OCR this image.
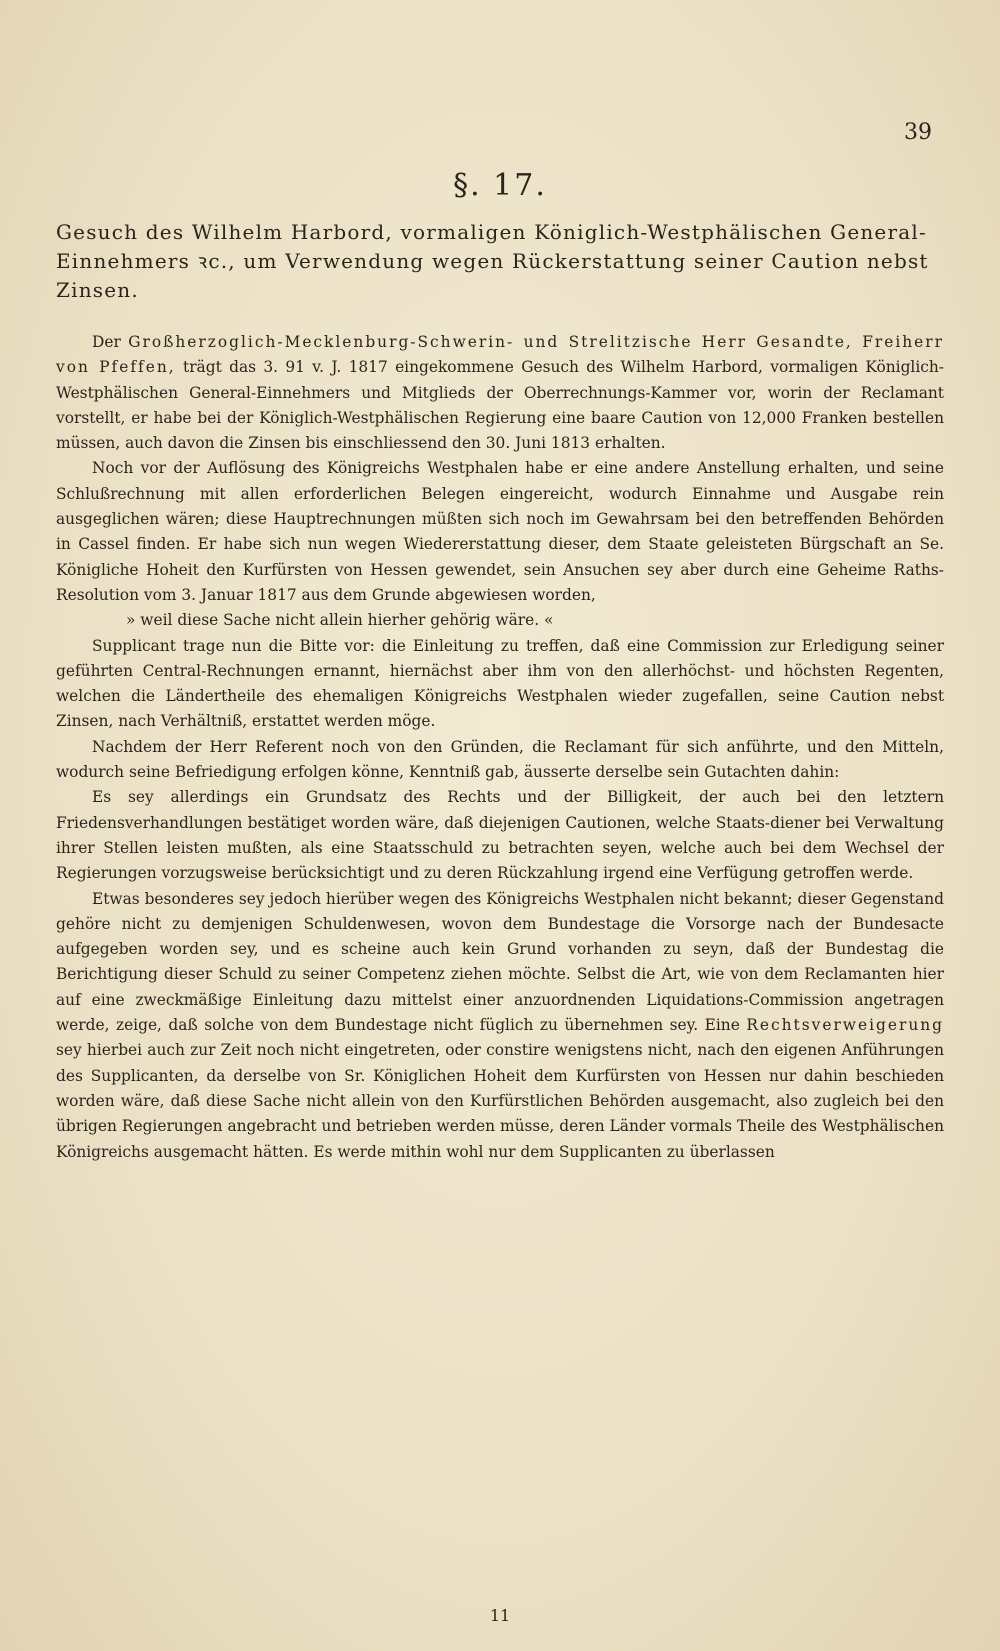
39
§. 17.
Gesuch des Wilhelm Harbord, vormaligen Königlich-Westphälischen General-Einnehmers ꝛc., um Verwendung wegen Rückerstattung seiner Caution nebst Zinsen.

Der Großherzoglich-Mecklenburg-Schwerin- und Strelitzische Herr Gesandte, Freiherr von Pfeffen, trägt das 3. 91 v. J. 1817 eingekommene Gesuch des Wilhelm Harbord, vormaligen Königlich-Westphälischen General-Einnehmers und Mitglieds der Oberrechnungs-Kammer vor, worin der Reclamant vorstellt, er habe bei der Königlich-Westphälischen Regierung eine baare Caution von 12,000 Franken bestellen müssen, auch davon die Zinsen bis einschliessend den 30. Juni 1813 erhalten.

Noch vor der Auflösung des Königreichs Westphalen habe er eine andere Anstellung erhalten, und seine Schlußrechnung mit allen erforderlichen Belegen eingereicht, wodurch Einnahme und Ausgabe rein ausgeglichen wären; diese Hauptrechnungen müßten sich noch im Gewahrsam bei den betreffenden Behörden in Cassel finden. Er habe sich nun wegen Wiedererstattung dieser, dem Staate geleisteten Bürgschaft an Se. Königliche Hoheit den Kurfürsten von Hessen gewendet, sein Ansuchen sey aber durch eine Geheime Raths-Resolution vom 3. Januar 1817 aus dem Grunde abgewiesen worden,

» weil diese Sache nicht allein hierher gehörig wäre. «

Supplicant trage nun die Bitte vor: die Einleitung zu treffen, daß eine Commission zur Erledigung seiner geführten Central-Rechnungen ernannt, hiernächst aber ihm von den allerhöchst- und höchsten Regenten, welchen die Ländertheile des ehemaligen Königreichs Westphalen wieder zugefallen, seine Caution nebst Zinsen, nach Verhältniß, erstattet werden möge.

Nachdem der Herr Referent noch von den Gründen, die Reclamant für sich anführte, und den Mitteln, wodurch seine Befriedigung erfolgen könne, Kenntniß gab, äusserte derselbe sein Gutachten dahin:

Es sey allerdings ein Grundsatz des Rechts und der Billigkeit, der auch bei den letztern Friedensverhandlungen bestätiget worden wäre, daß diejenigen Cautionen, welche Staats-diener bei Verwaltung ihrer Stellen leisten mußten, als eine Staatsschuld zu betrachten seyen, welche auch bei dem Wechsel der Regierungen vorzugsweise berücksichtigt und zu deren Rückzahlung irgend eine Verfügung getroffen werde.

Etwas besonderes sey jedoch hierüber wegen des Königreichs Westphalen nicht bekannt; dieser Gegenstand gehöre nicht zu demjenigen Schuldenwesen, wovon dem Bundestage die Vorsorge nach der Bundesacte aufgegeben worden sey, und es scheine auch kein Grund vorhanden zu seyn, daß der Bundestag die Berichtigung dieser Schuld zu seiner Competenz ziehen möchte. Selbst die Art, wie von dem Reclamanten hier auf eine zweckmäßige Einleitung dazu mittelst einer anzuordnenden Liquidations-Commission angetragen werde, zeige, daß solche von dem Bundestage nicht füglich zu übernehmen sey. Eine Rechtsverweigerung sey hierbei auch zur Zeit noch nicht eingetreten, oder constire wenigstens nicht, nach den eigenen Anführungen des Supplicanten, da derselbe von Sr. Königlichen Hoheit dem Kurfürsten von Hessen nur dahin beschieden worden wäre, daß diese Sache nicht allein von den Kurfürstlichen Behörden ausgemacht, also zugleich bei den übrigen Regierungen angebracht und betrieben werden müsse, deren Länder vormals Theile des Westphälischen Königreichs ausgemacht hätten. Es werde mithin wohl nur dem Supplicanten zu überlassen

11
